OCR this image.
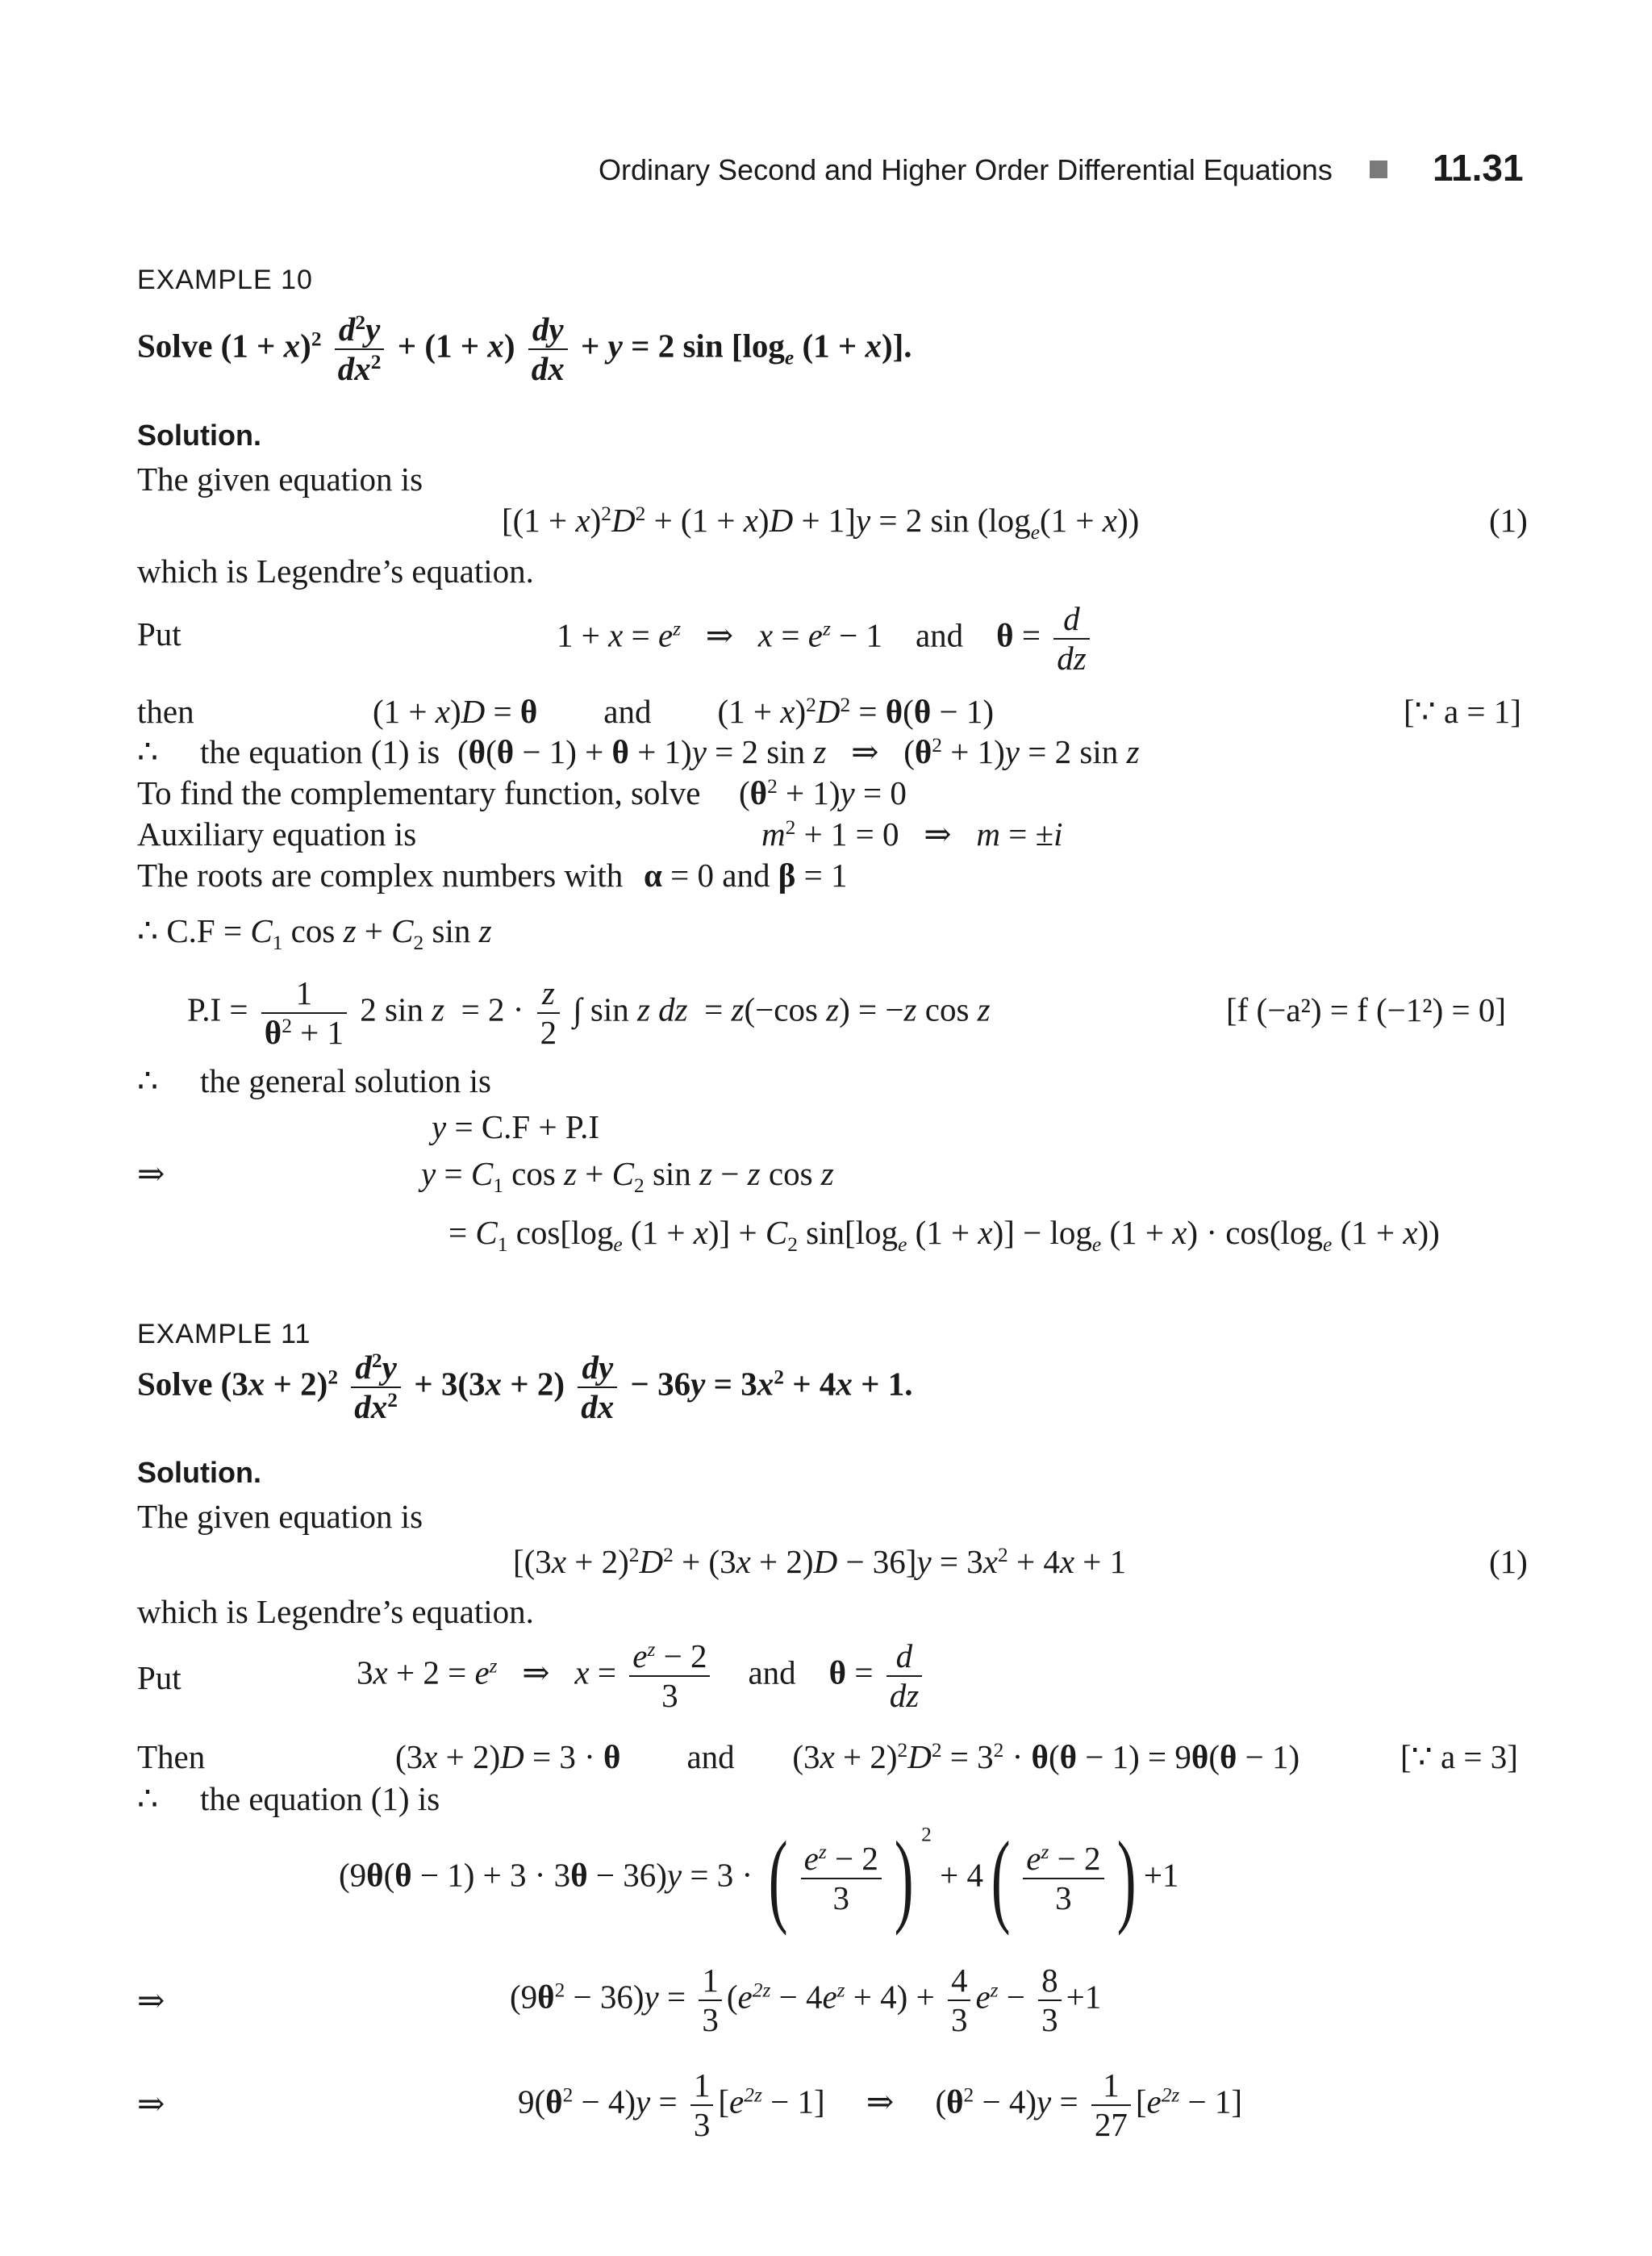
Ordinary Second and Higher Order Differential Equations	11.31
EXAMPLE 10
Solve $(1 + x)^2 \frac{d^2y}{dx^2} + (1 + x) \frac{dy}{dx} + y = 2$ $\sin [\log_e$ (1 + x)].
Solution.
The given equation is
$[(1 + x)^2D^2 + (1 + x)D + 1]y = 2$ $\sin (\log_e(1 + x))$	(1)
which is Legendre’s equation.
Put	$1 + x = e^z$   ⇒   $x = e^z - 1$    and    $\theta = \frac{d}{dz}$
then	(1 + x)D = θ        and        $(1 + x)^2D^2 = \theta(\theta - 1)$	[∵ a = 1]
∴ the equation (1) is (θ(θ − 1) + θ + 1)y = 2 sin z   ⇒   $(\theta^2 + 1)y = 2$ sin z
To find the complementary function, solve $(\theta^2 + 1)y = 0$
Auxiliary equation is	$m^2 + 1 = 0$   ⇒   m = ±i
The roots are complex numbers with α = 0 and β = 1
∴ $C.F = C_1$ $\cos z + C_2$ sin z
$P.I = \frac{1}{\theta^2 + 1} 2$ $\sin z = 2 \cdot \frac{z}{2}$ ∫ sin z dz  = z(−cos z) = −z cos z	[f (−a²) = f (−1²) = 0]
∴ the general solution is
y = C.F + P.I
⇒	$y = C_1$ $\cos z + C_2$ sin z − z cos z
= $C_1$ $\cos[\log_e$ $(1 + x)] + C_2$ $\sin[\log_e$ $(1 + x)] - \log_e (1 + x) \cdot \cos(\log_e$ (1 + x))
EXAMPLE 11
Solve $(3x + 2)^2 \frac{d^2y}{dx^2} + 3(3x + 2) \frac{dy}{dx} - 36y = 3x^2 + 4x + 1$.
Solution.
The given equation is
$[(3x + 2)^2D^2 + (3x + 2)D - 36]y = 3x^2 + 4x + 1$	(1)
which is Legendre’s equation.
Put	$3x + 2 = e^z$   ⇒   $x = \frac{e^z - 2}{3}$ and    $\theta = \frac{d}{dz}$
Then	(3x + 2)D = 3 · θ        and       $(3x + 2)^2D^2 = 3^2 \cdot \theta(\theta - 1) = 9\theta(\theta - 1)$	[∵ a = 3]
∴ the equation (1) is
(9θ(θ − 1) + 3 · 3θ − 36)y = 3 · ( $\frac{e^z - 2}{3}$ ) $^2 + 4( \frac{e^z - 2}{3}$ ) +1
⇒	$(9\theta^2 - 36)y = \frac{1}{3} (e^{2z} - 4e^z + 4) + \frac{4}{3} e^z - \frac{8}{3} +1$
⇒	$9(\theta^2 - 4)y = \frac{1}{3} [e^{2z} - 1]$     ⇒     $(\theta^2 - 4)y = \frac{1}{27} [e^{2z} - 1]$
